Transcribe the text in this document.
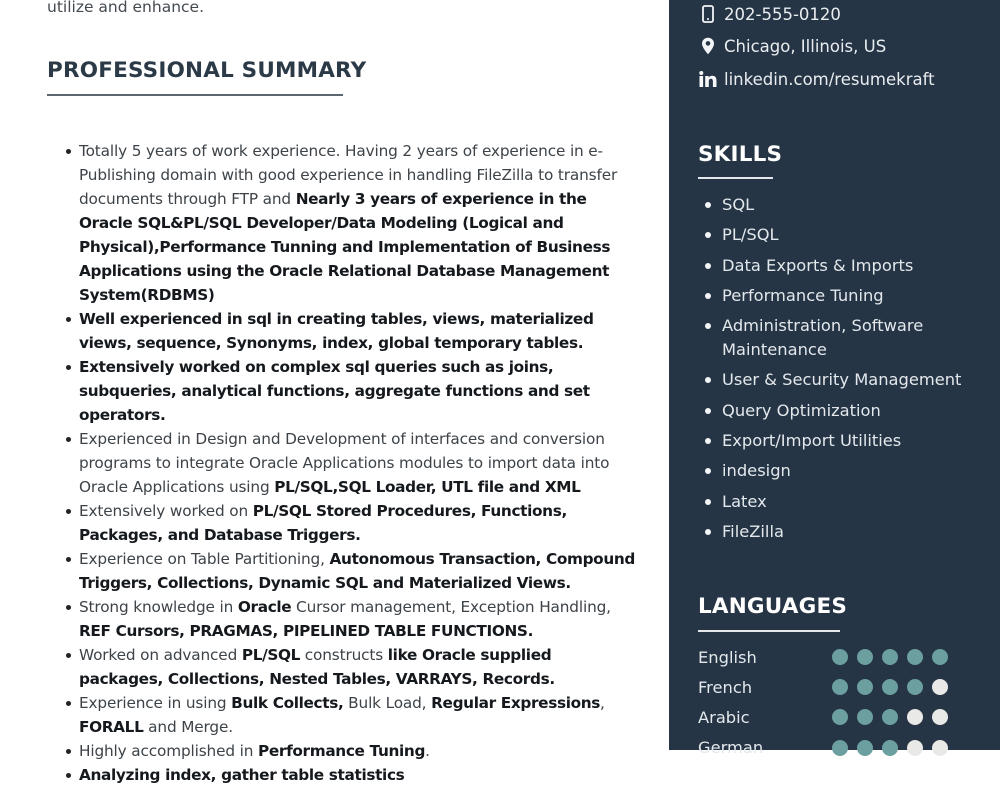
utilize and enhance.
PROFESSIONAL SUMMARY
Totally 5 years of work experience. Having 2 years of experience in e-Publishing domain with good experience in handling FileZilla to transfer documents through FTP and Nearly 3 years of experience in the Oracle SQL&PL/SQL Developer/Data Modeling (Logical and Physical),Performance Tunning and Implementation of Business Applications using the Oracle Relational Database Management System(RDBMS)
Well experienced in sql in creating tables, views, materialized views, sequence, Synonyms, index, global temporary tables.
Extensively worked on complex sql queries such as joins, subqueries, analytical functions, aggregate functions and set operators.
Experienced in Design and Development of interfaces and conversion programs to integrate Oracle Applications modules to import data into Oracle Applications using PL/SQL,SQL Loader, UTL file and XML
Extensively worked on PL/SQL Stored Procedures, Functions, Packages, and Database Triggers.
Experience on Table Partitioning, Autonomous Transaction, Compound Triggers, Collections, Dynamic SQL and Materialized Views.
Strong knowledge in Oracle Cursor management, Exception Handling, REF Cursors, PRAGMAS, PIPELINED TABLE FUNCTIONS.
Worked on advanced PL/SQL constructs like Oracle supplied packages, Collections, Nested Tables, VARRAYS, Records.
Experience in using Bulk Collects, Bulk Load, Regular Expressions, FORALL and Merge.
Highly accomplished in Performance Tuning.
Analyzing index, gather table statistics
202-555-0120
Chicago, Illinois, US
linkedin.com/resumekraft
SKILLS
SQL
PL/SQL
Data Exports & Imports
Performance Tuning
Administration, Software Maintenance
User & Security Management
Query Optimization
Export/Import Utilities
indesign
Latex
FileZilla
LANGUAGES
English
French
Arabic
German
